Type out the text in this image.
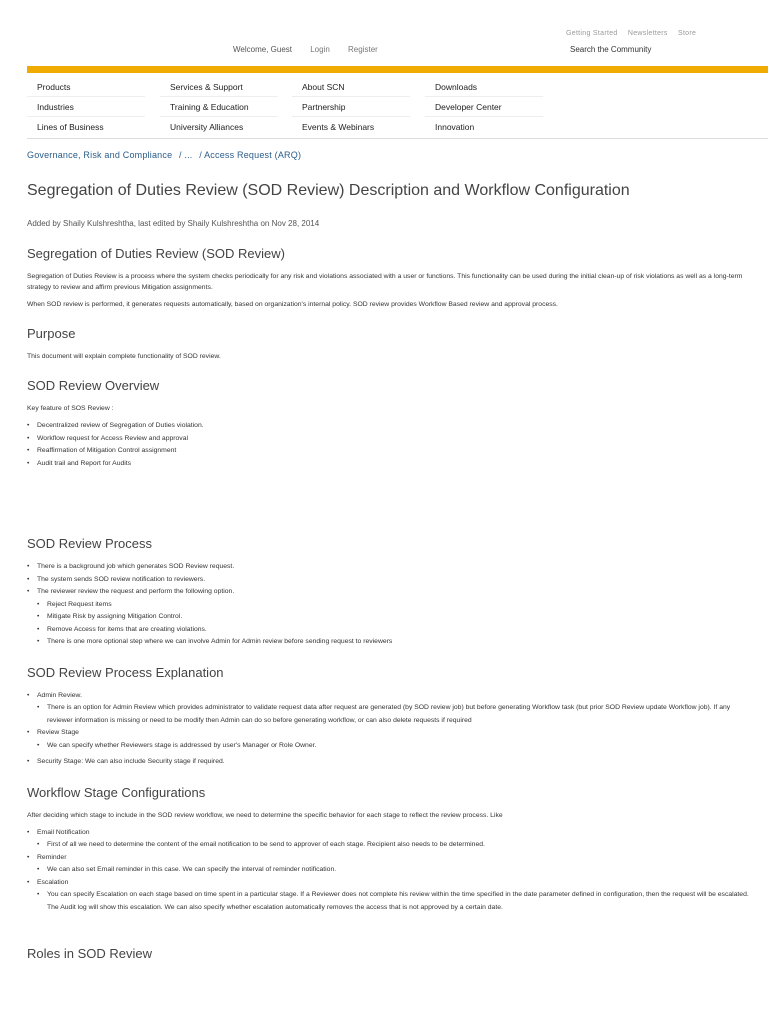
Getting Started Newsletters Store
Welcome, Guest Login Register	Search the Community
Products
Industries
Lines of Business
Services & Support
Training & Education
University Alliances
About SCN
Partnership
Events & Webinars
Downloads
Developer Center
Innovation
Governance, Risk and Compliance / ... / Access Request (ARQ)
Segregation of Duties Review (SOD Review) Description and Workflow Configuration
Added by Shaily Kulshreshtha, last edited by Shaily Kulshreshtha on Nov 28, 2014
Segregation of Duties Review (SOD Review)

Segregation of Duties Review is a process where the system checks periodically for any risk and violations associated with a user or functions. This functionality can be used during the initial clean-up of risk violations as well as a long-term strategy to review and affirm previous Mitigation assignments.

When SOD review is performed, it generates requests automatically, based on organization's internal policy. SOD review provides Workflow Based review and approval process.

Purpose

This document will explain complete functionality of SOD review.

SOD Review Overview

Key feature of SOS Review :

• Decentralized review of Segregation of Duties violation.
• Workflow request for Access Review and approval
• Reaffirmation of Mitigation Control assignment
• Audit trail and Report for Audits
SOD Review Process
• There is a background job which generates SOD Review request.
• The system sends SOD review notification to reviewers.
• The reviewer review the request and perform the following option.
• Reject Request items
• Mitigate Risk by assigning Mitigation Control.
• Remove Access for items that are creating violations.
• There is one more optional step where we can involve Admin for Admin review before sending request to reviewers
SOD Review Process Explanation
• Admin Review.
• There is an option for Admin Review which provides administrator to validate request data after request are generated (by SOD review job) but before generating Workflow task (but prior SOD Review update Workflow job). If any reviewer information is missing or need to be modify then Admin can do so before generating workflow, or can also delete requests if required
• Review Stage
• We can specify whether Reviewers stage is addressed by user's Manager or Role Owner.
• Security Stage: We can also include Security stage if required.
Workflow Stage Configurations

After deciding which stage to include in the SOD review workflow, we need to determine the specific behavior for each stage to reflect the review process. Like

• Email Notification
• First of all we need to determine the content of the email notification to be send to approver of each stage. Recipient also needs to be determined.
• Reminder
• We can also set Email reminder in this case. We can specify the interval of reminder notification.
• Escalation
• You can specify Escalation on each stage based on time spent in a particular stage. If a Reviewer does not complete his review within the time specified in the date parameter defined in configuration, then the request will be escalated. The Audit log will show this escalation. We can also specify whether escalation automatically removes the access that is not approved by a certain date.
Roles in SOD Review
